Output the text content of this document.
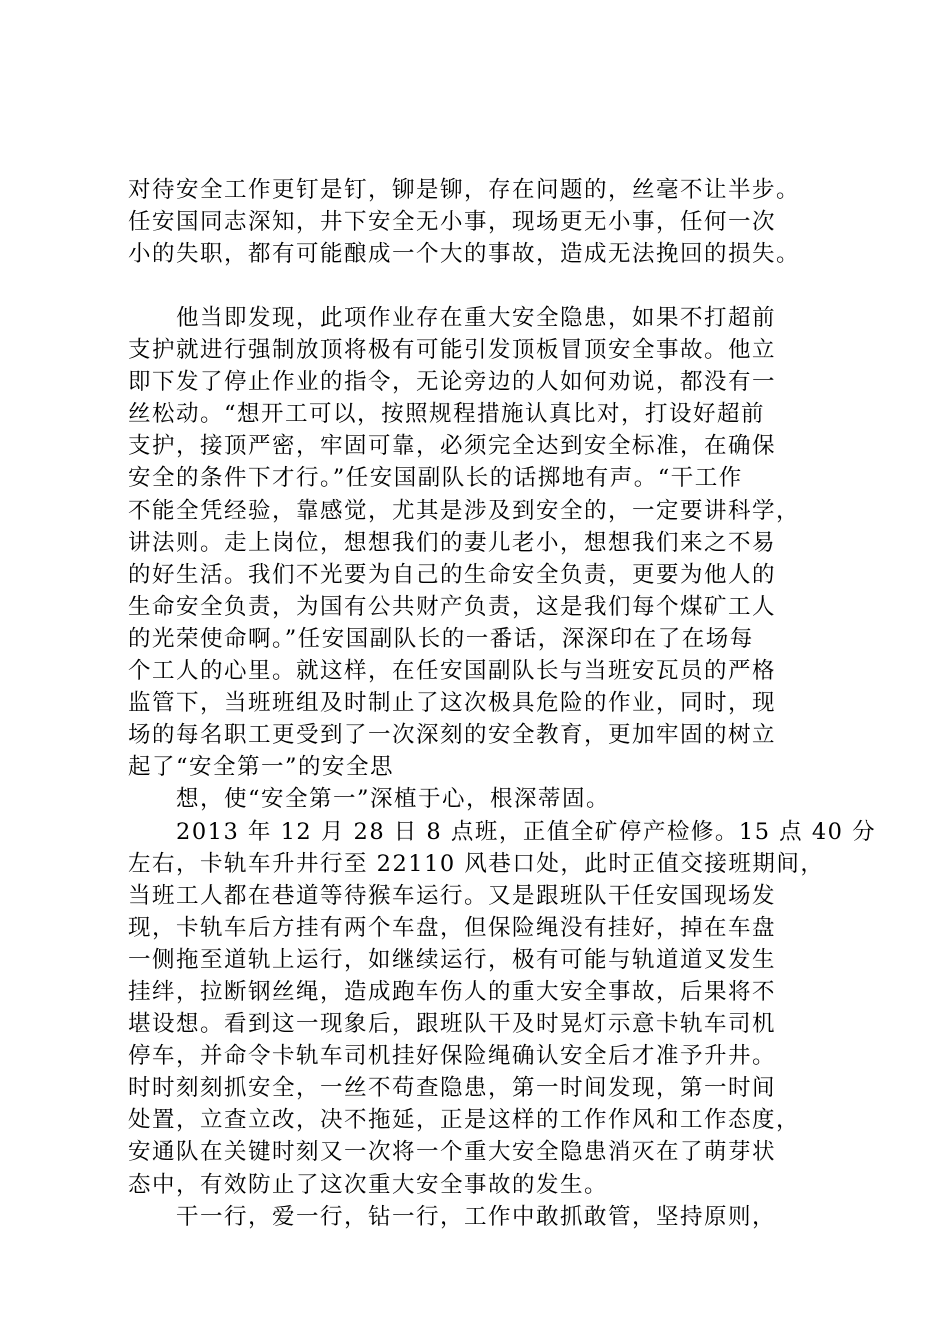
对待安全工作更钉是钉，铆是铆，存在问题的，丝毫不让半步。
任安国同志深知，井下安全无小事，现场更无小事，任何一次
小的失职，都有可能酿成一个大的事故，造成无法挽回的损失。
　　他当即发现，此项作业存在重大安全隐患，如果不打超前
支护就进行强制放顶将极有可能引发顶板冒顶安全事故。他立
即下发了停止作业的指令，无论旁边的人如何劝说，都没有一
丝松动。“想开工可以，按照规程措施认真比对，打设好超前
支护，接顶严密，牢固可靠，必须完全达到安全标准，在确保
安全的条件下才行。”任安国副队长的话掷地有声。“干工作
不能全凭经验，靠感觉，尤其是涉及到安全的，一定要讲科学，
讲法则。走上岗位，想想我们的妻儿老小，想想我们来之不易
的好生活。我们不光要为自己的生命安全负责，更要为他人的
生命安全负责，为国有公共财产负责，这是我们每个煤矿工人
的光荣使命啊。”任安国副队长的一番话，深深印在了在场每
个工人的心里。就这样，在任安国副队长与当班安瓦员的严格
监管下，当班班组及时制止了这次极具危险的作业，同时，现
场的每名职工更受到了一次深刻的安全教育，更加牢固的树立
起了“安全第一”的安全思
　　想，使“安全第一”深植于心，根深蒂固。
　　2013 年 12 月 28 日 8 点班，正值全矿停产检修。15 点 40 分
左右，卡轨车升井行至 22110 风巷口处，此时正值交接班期间，
当班工人都在巷道等待猴车运行。又是跟班队干任安国现场发
现，卡轨车后方挂有两个车盘，但保险绳没有挂好，掉在车盘
一侧拖至道轨上运行，如继续运行，极有可能与轨道道叉发生
挂绊，拉断钢丝绳，造成跑车伤人的重大安全事故，后果将不
堪设想。看到这一现象后，跟班队干及时晃灯示意卡轨车司机
停车，并命令卡轨车司机挂好保险绳确认安全后才准予升井。
时时刻刻抓安全，一丝不苟查隐患，第一时间发现，第一时间
处置，立查立改，决不拖延，正是这样的工作作风和工作态度，
安通队在关键时刻又一次将一个重大安全隐患消灭在了萌芽状
态中，有效防止了这次重大安全事故的发生。
　　干一行，爱一行，钻一行，工作中敢抓敢管，坚持原则，
